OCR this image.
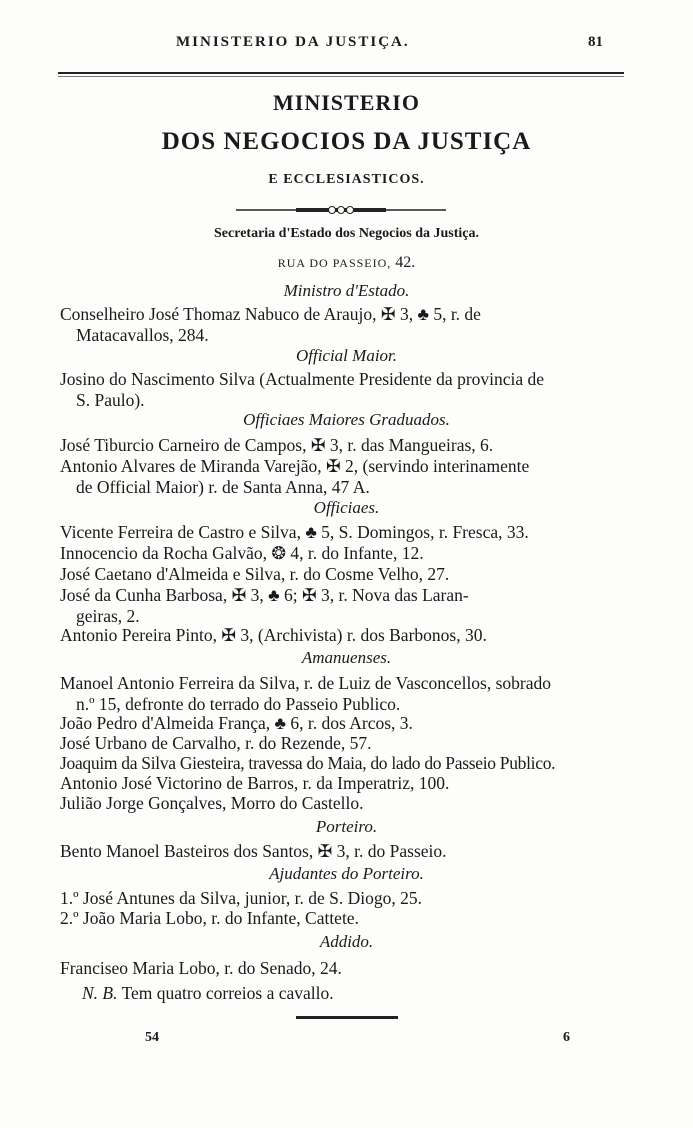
MINISTERIO DA JUSTIÇA.	81
MINISTERIO
DOS NEGOCIOS DA JUSTIÇA
E ECCLESIASTICOS.
Secretaria d'Estado dos Negocios da Justiça.
RUA DO PASSEIO, 42.
Ministro d'Estado.
Conselheiro José Thomaz Nabuco de Araujo, ✠ 3, ♣ 5, r. de
Matacavallos, 284.
Official Maior.
Josino do Nascimento Silva (Actualmente Presidente da provincia de
S. Paulo).
Officiaes Maiores Graduados.
José Tiburcio Carneiro de Campos, ✠ 3, r. das Mangueiras, 6.
Antonio Alvares de Miranda Varejão, ✠ 2, (servindo interinamente
de Official Maior) r. de Santa Anna, 47 A.
Officiaes.
Vicente Ferreira de Castro e Silva, ♣ 5, S. Domingos, r. Fresca, 33.
Innocencio da Rocha Galvão, ❂ 4, r. do Infante, 12.
José Caetano d'Almeida e Silva, r. do Cosme Velho, 27.
José da Cunha Barbosa, ✠ 3, ♣ 6; ✠ 3, r. Nova das Laran-
geiras, 2.
Antonio Pereira Pinto, ✠ 3, (Archivista) r. dos Barbonos, 30.
Amanuenses.
Manoel Antonio Ferreira da Silva, r. de Luiz de Vasconcellos, sobrado
n.º 15, defronte do terrado do Passeio Publico.
João Pedro d'Almeida França, ♣ 6, r. dos Arcos, 3.
José Urbano de Carvalho, r. do Rezende, 57.
Joaquim da Silva Giesteira, travessa do Maia, do lado do Passeio Publico.
Antonio José Victorino de Barros, r. da Imperatriz, 100.
Julião Jorge Gonçalves, Morro do Castello.
Porteiro.
Bento Manoel Basteiros dos Santos, ✠ 3, r. do Passeio.
Ajudantes do Porteiro.
1.º José Antunes da Silva, junior, r. de S. Diogo, 25.
2.º João Maria Lobo, r. do Infante, Cattete.
Addido.
Franciseo Maria Lobo, r. do Senado, 24.
N. B. Tem quatro correios a cavallo.
54	6
